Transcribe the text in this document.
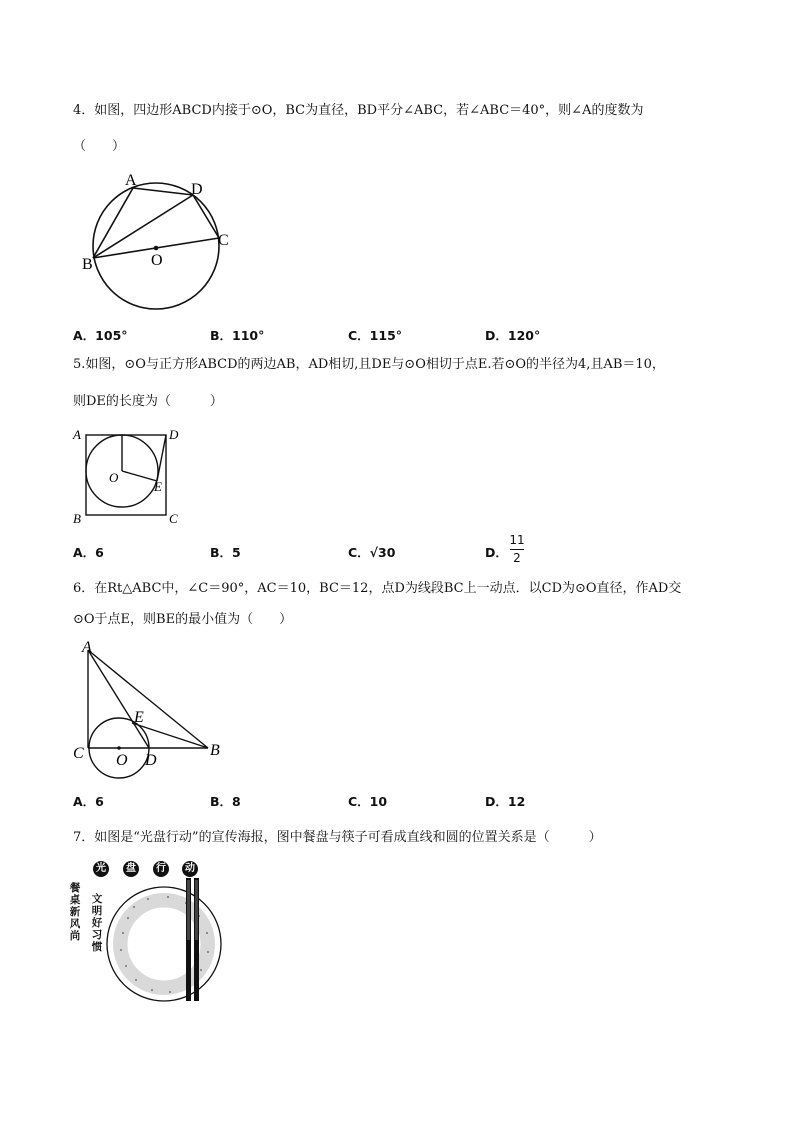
4．如图，四边形ABCD内接于⊙O，BC为直径，BD平分∠ABC，若∠ABC＝40°，则∠A的度数为
（　　）
A
D
C
B	O
A．105°	B．110°	C．115°	D．120°
5.如图，⊙O与正方形ABCD的两边AB，AD相切,且DE与⊙O相切于点E.若⊙O的半径为4,且AB＝10，
则DE的长度为（　　　）
A	D
O
E
B	C
A．6	B．5	C．√30	D．
11
2
6．在Rt△ABC中，∠C＝90°，AC＝10，BC＝12，点D为线段BC上一动点．以CD为⊙O直径，作AD交
⊙O于点E，则BE的最小值为（　　）
A
E
C	B
O D
A．6	B．8	C．10	D．12
7．如图是“光盘行动”的宣传海报，图中餐盘与筷子可看成直线和圆的位置关系是（　　　）
光	盘	行	动
餐
桌
新
风
尚
文
明
好
习
惯
